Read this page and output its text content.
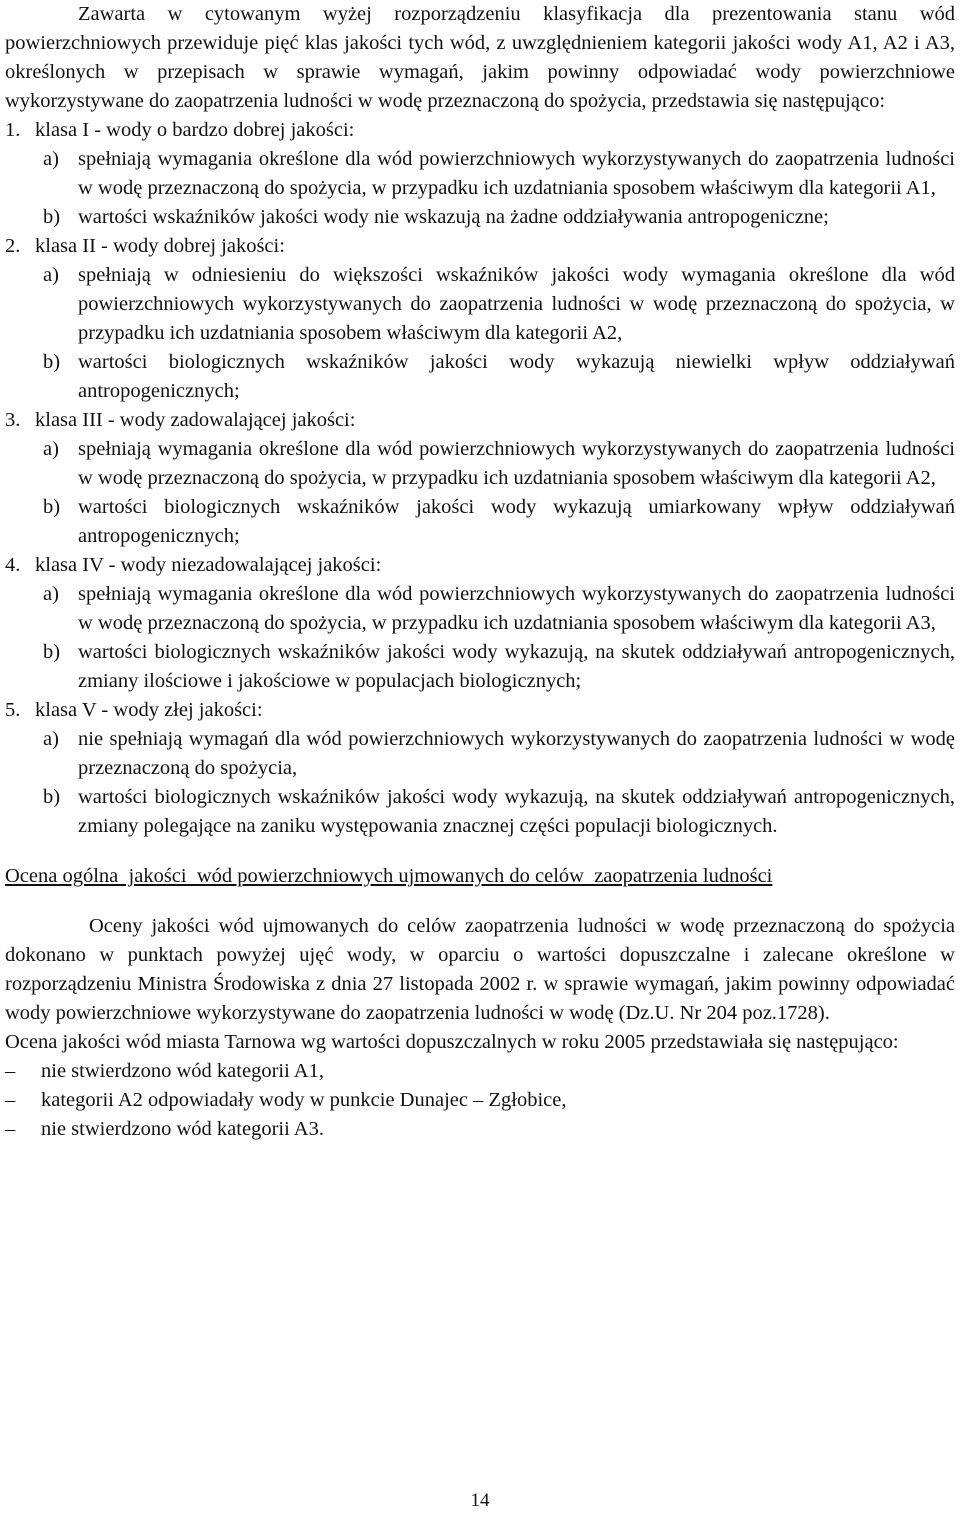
Zawarta w cytowanym wyżej rozporządzeniu klasyfikacja dla prezentowania stanu wód powierzchniowych przewiduje pięć klas jakości tych wód, z uwzględnieniem kategorii jakości wody A1, A2 i A3, określonych w przepisach w sprawie wymagań, jakim powinny odpowiadać wody powierzchniowe wykorzystywane do zaopatrzenia ludności w wodę przeznaczoną do spożycia, przedstawia się następująco:

1. klasa I - wody o bardzo dobrej jakości:

a) spełniają wymagania określone dla wód powierzchniowych wykorzystywanych do zaopatrzenia ludności w wodę przeznaczoną do spożycia, w przypadku ich uzdatniania sposobem właściwym dla kategorii A1,

b) wartości wskaźników jakości wody nie wskazują na żadne oddziaływania antropogeniczne;

2. klasa II - wody dobrej jakości:

a) spełniają w odniesieniu do większości wskaźników jakości wody wymagania określone dla wód powierzchniowych wykorzystywanych do zaopatrzenia ludności w wodę przeznaczoną do spożycia, w przypadku ich uzdatniania sposobem właściwym dla kategorii A2,

b) wartości biologicznych wskaźników jakości wody wykazują niewielki wpływ oddziaływań antropogenicznych;

3. klasa III - wody zadowalającej jakości:

a) spełniają wymagania określone dla wód powierzchniowych wykorzystywanych do zaopatrzenia ludności w wodę przeznaczoną do spożycia, w przypadku ich uzdatniania sposobem właściwym dla kategorii A2,

b) wartości biologicznych wskaźników jakości wody wykazują umiarkowany wpływ oddziaływań antropogenicznych;

4. klasa IV - wody niezadowalającej jakości:

a) spełniają wymagania określone dla wód powierzchniowych wykorzystywanych do zaopatrzenia ludności w wodę przeznaczoną do spożycia, w przypadku ich uzdatniania sposobem właściwym dla kategorii A3,

b) wartości biologicznych wskaźników jakości wody wykazują, na skutek oddziaływań antropogenicznych, zmiany ilościowe i jakościowe w populacjach biologicznych;

5. klasa V - wody złej jakości:

a) nie spełniają wymagań dla wód powierzchniowych wykorzystywanych do zaopatrzenia ludności w wodę przeznaczoną do spożycia,

b) wartości biologicznych wskaźników jakości wody wykazują, na skutek oddziaływań antropogenicznych, zmiany polegające na zaniku występowania znacznej części populacji biologicznych.

Ocena ogólna  jakości  wód powierzchniowych ujmowanych do celów  zaopatrzenia ludności

Oceny jakości wód ujmowanych do celów zaopatrzenia ludności w wodę przeznaczoną do spożycia dokonano w punktach powyżej ujęć wody, w oparciu o wartości dopuszczalne i zalecane określone w rozporządzeniu Ministra Środowiska z dnia 27 listopada 2002 r. w sprawie wymagań, jakim powinny odpowiadać wody powierzchniowe wykorzystywane do zaopatrzenia ludności w wodę (Dz.U. Nr 204 poz.1728).

Ocena jakości wód miasta Tarnowa wg wartości dopuszczalnych w roku 2005 przedstawiała się następująco:

–	nie stwierdzono wód kategorii A1,
–	kategorii A2 odpowiadały wody w punkcie Dunajec – Zgłobice,
–	nie stwierdzono wód kategorii A3.
14
